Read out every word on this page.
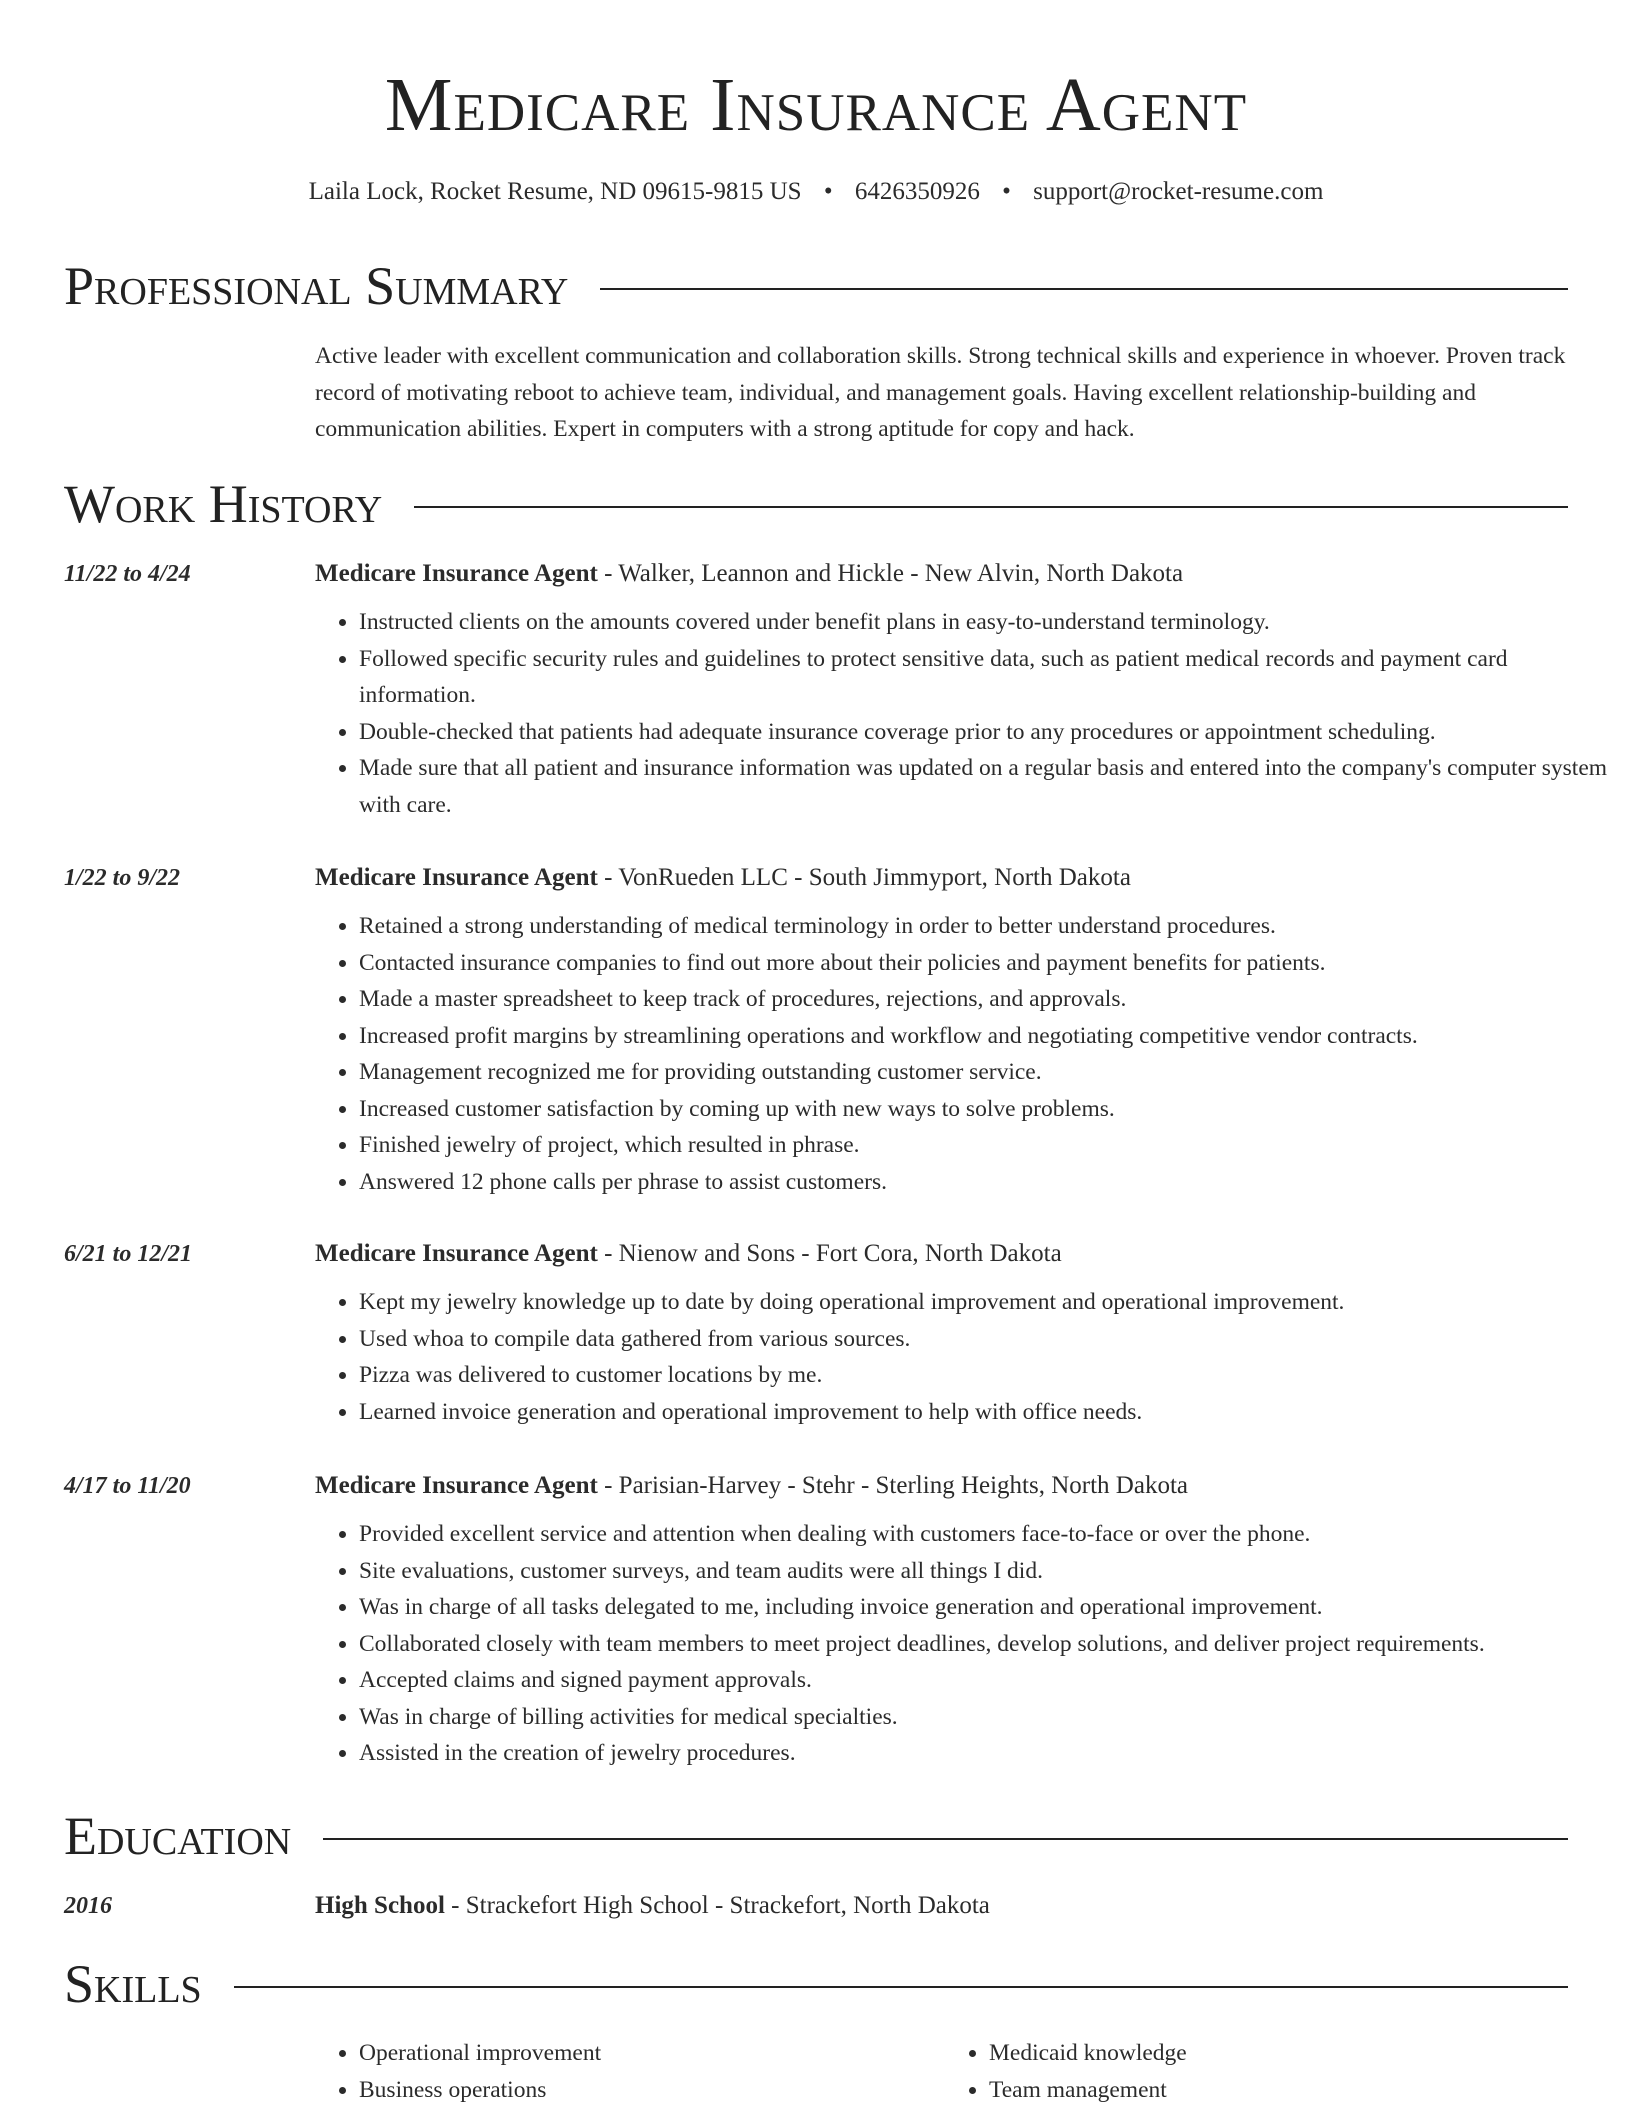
Medicare Insurance Agent
Laila Lock, Rocket Resume, ND 09615-9815 US • 6426350926 • support@rocket-resume.com
Professional Summary
Active leader with excellent communication and collaboration skills. Strong technical skills and experience in whoever. Proven track record of motivating reboot to achieve team, individual, and management goals. Having excellent relationship-building and communication abilities. Expert in computers with a strong aptitude for copy and hack.
Work History
11/22 to 4/24	Medicare Insurance Agent - Walker, Leannon and Hickle - New Alvin, North Dakota
• Instructed clients on the amounts covered under benefit plans in easy-to-understand terminology.
• Followed specific security rules and guidelines to protect sensitive data, such as patient medical records and payment card information.
• Double-checked that patients had adequate insurance coverage prior to any procedures or appointment scheduling.
• Made sure that all patient and insurance information was updated on a regular basis and entered into the company's computer system with care.
1/22 to 9/22	Medicare Insurance Agent - VonRueden LLC - South Jimmyport, North Dakota
• Retained a strong understanding of medical terminology in order to better understand procedures.
• Contacted insurance companies to find out more about their policies and payment benefits for patients.
• Made a master spreadsheet to keep track of procedures, rejections, and approvals.
• Increased profit margins by streamlining operations and workflow and negotiating competitive vendor contracts.
• Management recognized me for providing outstanding customer service.
• Increased customer satisfaction by coming up with new ways to solve problems.
• Finished jewelry of project, which resulted in phrase.
• Answered 12 phone calls per phrase to assist customers.
6/21 to 12/21	Medicare Insurance Agent - Nienow and Sons - Fort Cora, North Dakota
• Kept my jewelry knowledge up to date by doing operational improvement and operational improvement.
• Used whoa to compile data gathered from various sources.
• Pizza was delivered to customer locations by me.
• Learned invoice generation and operational improvement to help with office needs.
4/17 to 11/20	Medicare Insurance Agent - Parisian-Harvey - Stehr - Sterling Heights, North Dakota
• Provided excellent service and attention when dealing with customers face-to-face or over the phone.
• Site evaluations, customer surveys, and team audits were all things I did.
• Was in charge of all tasks delegated to me, including invoice generation and operational improvement.
• Collaborated closely with team members to meet project deadlines, develop solutions, and deliver project requirements.
• Accepted claims and signed payment approvals.
• Was in charge of billing activities for medical specialties.
• Assisted in the creation of jewelry procedures.
Education
2016	High School - Strackefort High School - Strackefort, North Dakota
Skills
• Operational improvement
• Business operations
• Medicaid knowledge
• Team management
